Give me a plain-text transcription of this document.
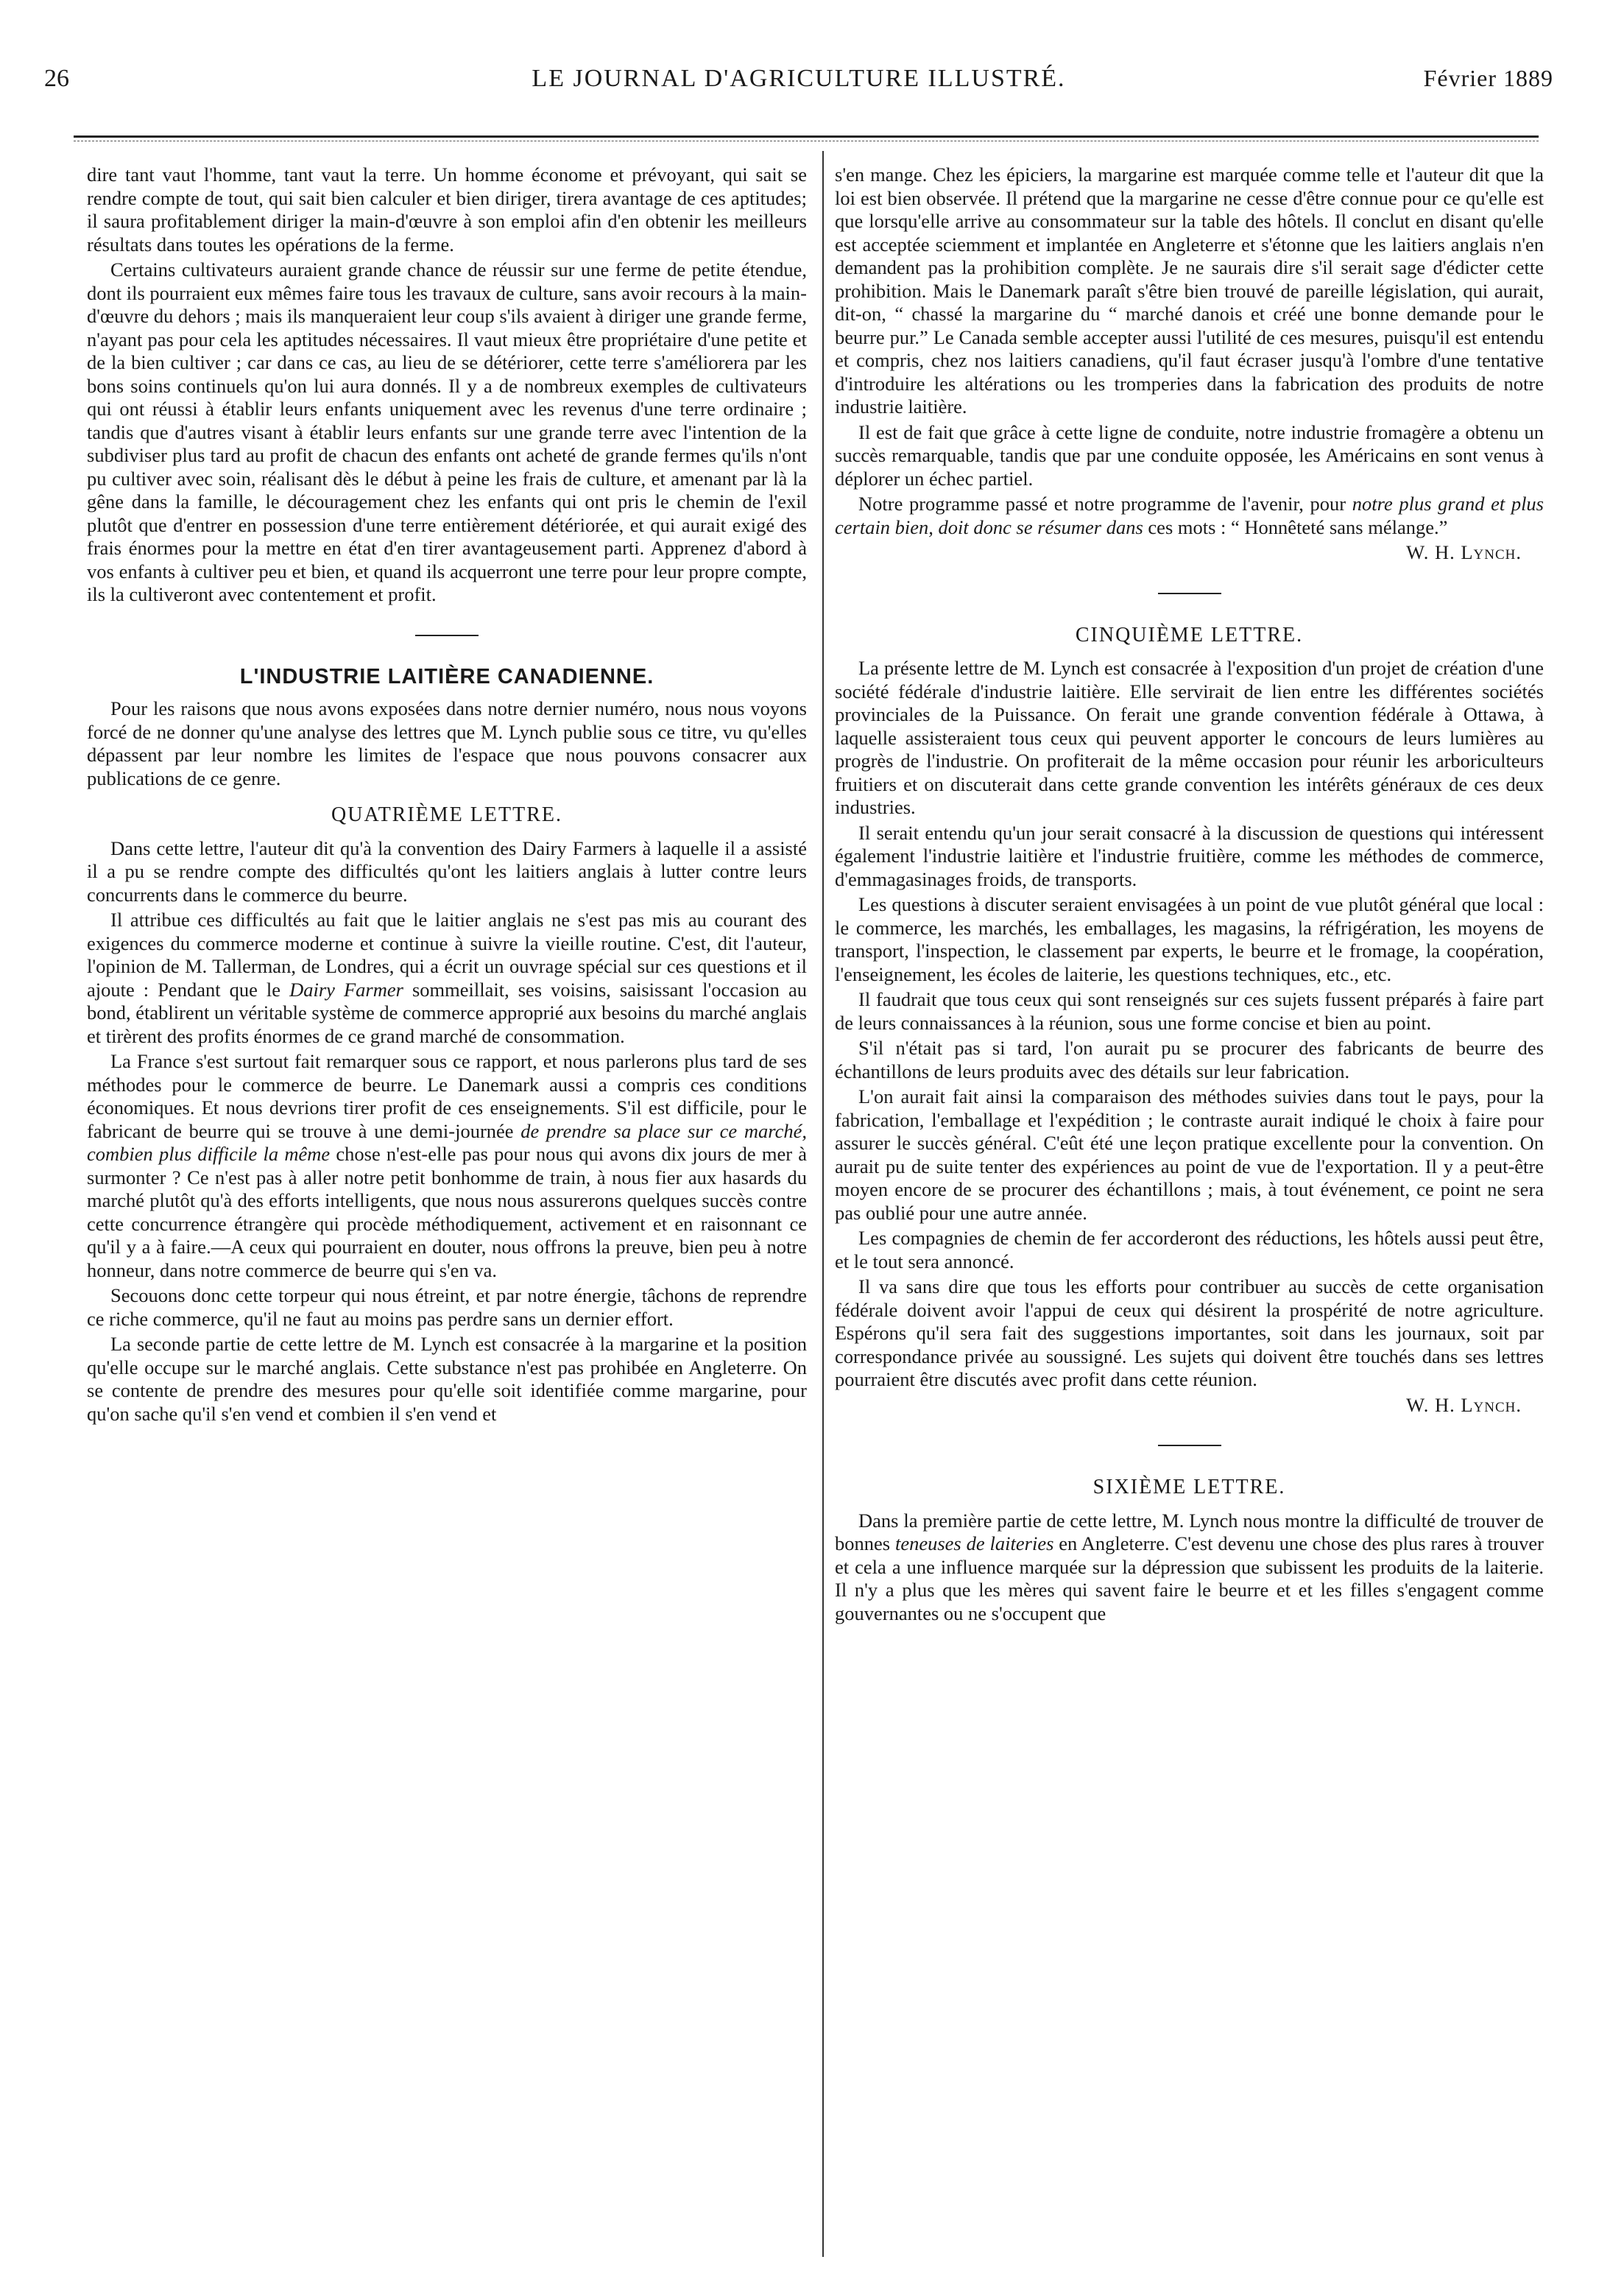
26	LE JOURNAL D'AGRICULTURE ILLUSTRÉ.	Février 1889

dire tant vaut l'homme, tant vaut la terre. Un homme économe et prévoyant, qui sait se rendre compte de tout, qui sait bien calculer et bien diriger, tirera avantage de ces aptitudes; il saura profitablement diriger la main-d'œuvre à son emploi afin d'en obtenir les meilleurs résultats dans toutes les opérations de la ferme.

Certains cultivateurs auraient grande chance de réussir sur une ferme de petite étendue, dont ils pourraient eux mêmes faire tous les travaux de culture, sans avoir recours à la main-d'œuvre du dehors ; mais ils manqueraient leur coup s'ils avaient à diriger une grande ferme, n'ayant pas pour cela les aptitudes nécessaires. Il vaut mieux être propriétaire d'une petite et de la bien cultiver ; car dans ce cas, au lieu de se détériorer, cette terre s'améliorera par les bons soins continuels qu'on lui aura donnés. Il y a de nombreux exemples de cultivateurs qui ont réussi à établir leurs enfants uniquement avec les revenus d'une terre ordinaire ; tandis que d'autres visant à établir leurs enfants sur une grande terre avec l'intention de la subdiviser plus tard au profit de chacun des enfants ont acheté de grande fermes qu'ils n'ont pu cultiver avec soin, réalisant dès le début à peine les frais de culture, et amenant par là la gêne dans la famille, le découragement chez les enfants qui ont pris le chemin de l'exil plutôt que d'entrer en possession d'une terre entièrement détériorée, et qui aurait exigé des frais énormes pour la mettre en état d'en tirer avantageusement parti. Apprenez d'abord à vos enfants à cultiver peu et bien, et quand ils acquerront une terre pour leur propre compte, ils la cultiveront avec contentement et profit.

L'INDUSTRIE LAITIÈRE CANADIENNE.

Pour les raisons que nous avons exposées dans notre dernier numéro, nous nous voyons forcé de ne donner qu'une analyse des lettres que M. Lynch publie sous ce titre, vu qu'elles dépassent par leur nombre les limites de l'espace que nous pouvons consacrer aux publications de ce genre.

QUATRIÈME LETTRE.

Dans cette lettre, l'auteur dit qu'à la convention des Dairy Farmers à laquelle il a assisté il a pu se rendre compte des difficultés qu'ont les laitiers anglais à lutter contre leurs concurrents dans le commerce du beurre.

Il attribue ces difficultés au fait que le laitier anglais ne s'est pas mis au courant des exigences du commerce moderne et continue à suivre la vieille routine. C'est, dit l'auteur, l'opinion de M. Tallerman, de Londres, qui a écrit un ouvrage spécial sur ces questions et il ajoute : Pendant que le Dairy Farmer sommeillait, ses voisins, saisissant l'occasion au bond, établirent un véritable système de commerce approprié aux besoins du marché anglais et tirèrent des profits énormes de ce grand marché de consommation.

La France s'est surtout fait remarquer sous ce rapport, et nous parlerons plus tard de ses méthodes pour le commerce de beurre. Le Danemark aussi a compris ces conditions économiques. Et nous devrions tirer profit de ces enseignements. S'il est difficile, pour le fabricant de beurre qui se trouve à une demi-journée de prendre sa place sur ce marché, combien plus difficile la même chose n'est-elle pas pour nous qui avons dix jours de mer à surmonter ? Ce n'est pas à aller notre petit bonhomme de train, à nous fier aux hasards du marché plutôt qu'à des efforts intelligents, que nous nous assurerons quelques succès contre cette concurrence étrangère qui procède méthodiquement, activement et en raisonnant ce qu'il y a à faire.—A ceux qui pourraient en douter, nous offrons la preuve, bien peu à notre honneur, dans notre commerce de beurre qui s'en va.

Secouons donc cette torpeur qui nous étreint, et par notre énergie, tâchons de reprendre ce riche commerce, qu'il ne faut au moins pas perdre sans un dernier effort.

La seconde partie de cette lettre de M. Lynch est consacrée à la margarine et la position qu'elle occupe sur le marché anglais. Cette substance n'est pas prohibée en Angleterre. On se contente de prendre des mesures pour qu'elle soit identifiée comme margarine, pour qu'on sache qu'il s'en vend et combien il s'en vend et

s'en mange. Chez les épiciers, la margarine est marquée comme telle et l'auteur dit que la loi est bien observée. Il prétend que la margarine ne cesse d'être connue pour ce qu'elle est que lorsqu'elle arrive au consommateur sur la table des hôtels. Il conclut en disant qu'elle est acceptée sciemment et implantée en Angleterre et s'étonne que les laitiers anglais n'en demandent pas la prohibition complète. Je ne saurais dire s'il serait sage d'édicter cette prohibition. Mais le Danemark paraît s'être bien trouvé de pareille législation, qui aurait, dit-on, “ chassé la margarine du “ marché danois et créé une bonne demande pour le beurre pur.” Le Canada semble accepter aussi l'utilité de ces mesures, puisqu'il est entendu et compris, chez nos laitiers canadiens, qu'il faut écraser jusqu'à l'ombre d'une tentative d'introduire les altérations ou les tromperies dans la fabrication des produits de notre industrie laitière.

Il est de fait que grâce à cette ligne de conduite, notre industrie fromagère a obtenu un succès remarquable, tandis que par une conduite opposée, les Américains en sont venus à déplorer un échec partiel.

Notre programme passé et notre programme de l'avenir, pour notre plus grand et plus certain bien, doit donc se résumer dans ces mots : “ Honnêteté sans mélange.”

W. H. Lynch.
CINQUIÈME LETTRE.

La présente lettre de M. Lynch est consacrée à l'exposition d'un projet de création d'une société fédérale d'industrie laitière. Elle servirait de lien entre les différentes sociétés provinciales de la Puissance. On ferait une grande convention fédérale à Ottawa, à laquelle assisteraient tous ceux qui peuvent apporter le concours de leurs lumières au progrès de l'industrie. On profiterait de la même occasion pour réunir les arboriculteurs fruitiers et on discuterait dans cette grande convention les intérêts généraux de ces deux industries.

Il serait entendu qu'un jour serait consacré à la discussion de questions qui intéressent également l'industrie laitière et l'industrie fruitière, comme les méthodes de commerce, d'emmagasinages froids, de transports.

Les questions à discuter seraient envisagées à un point de vue plutôt général que local : le commerce, les marchés, les emballages, les magasins, la réfrigération, les moyens de transport, l'inspection, le classement par experts, le beurre et le fromage, la coopération, l'enseignement, les écoles de laiterie, les questions techniques, etc., etc.

Il faudrait que tous ceux qui sont renseignés sur ces sujets fussent préparés à faire part de leurs connaissances à la réunion, sous une forme concise et bien au point.

S'il n'était pas si tard, l'on aurait pu se procurer des fabricants de beurre des échantillons de leurs produits avec des détails sur leur fabrication.

L'on aurait fait ainsi la comparaison des méthodes suivies dans tout le pays, pour la fabrication, l'emballage et l'expédition ; le contraste aurait indiqué le choix à faire pour assurer le succès général. C'eût été une leçon pratique excellente pour la convention. On aurait pu de suite tenter des expériences au point de vue de l'exportation. Il y a peut-être moyen encore de se procurer des échantillons ; mais, à tout événement, ce point ne sera pas oublié pour une autre année.

Les compagnies de chemin de fer accorderont des réductions, les hôtels aussi peut être, et le tout sera annoncé.

Il va sans dire que tous les efforts pour contribuer au succès de cette organisation fédérale doivent avoir l'appui de ceux qui désirent la prospérité de notre agriculture. Espérons qu'il sera fait des suggestions importantes, soit dans les journaux, soit par correspondance privée au soussigné. Les sujets qui doivent être touchés dans ses lettres pourraient être discutés avec profit dans cette réunion.

W. H. Lynch.
SIXIÈME LETTRE.

Dans la première partie de cette lettre, M. Lynch nous montre la difficulté de trouver de bonnes teneuses de laiteries en Angleterre. C'est devenu une chose des plus rares à trouver et cela a une influence marquée sur la dépression que subissent les produits de la laiterie. Il n'y a plus que les mères qui savent faire le beurre et et les filles s'engagent comme gouvernantes ou ne s'occupent que
